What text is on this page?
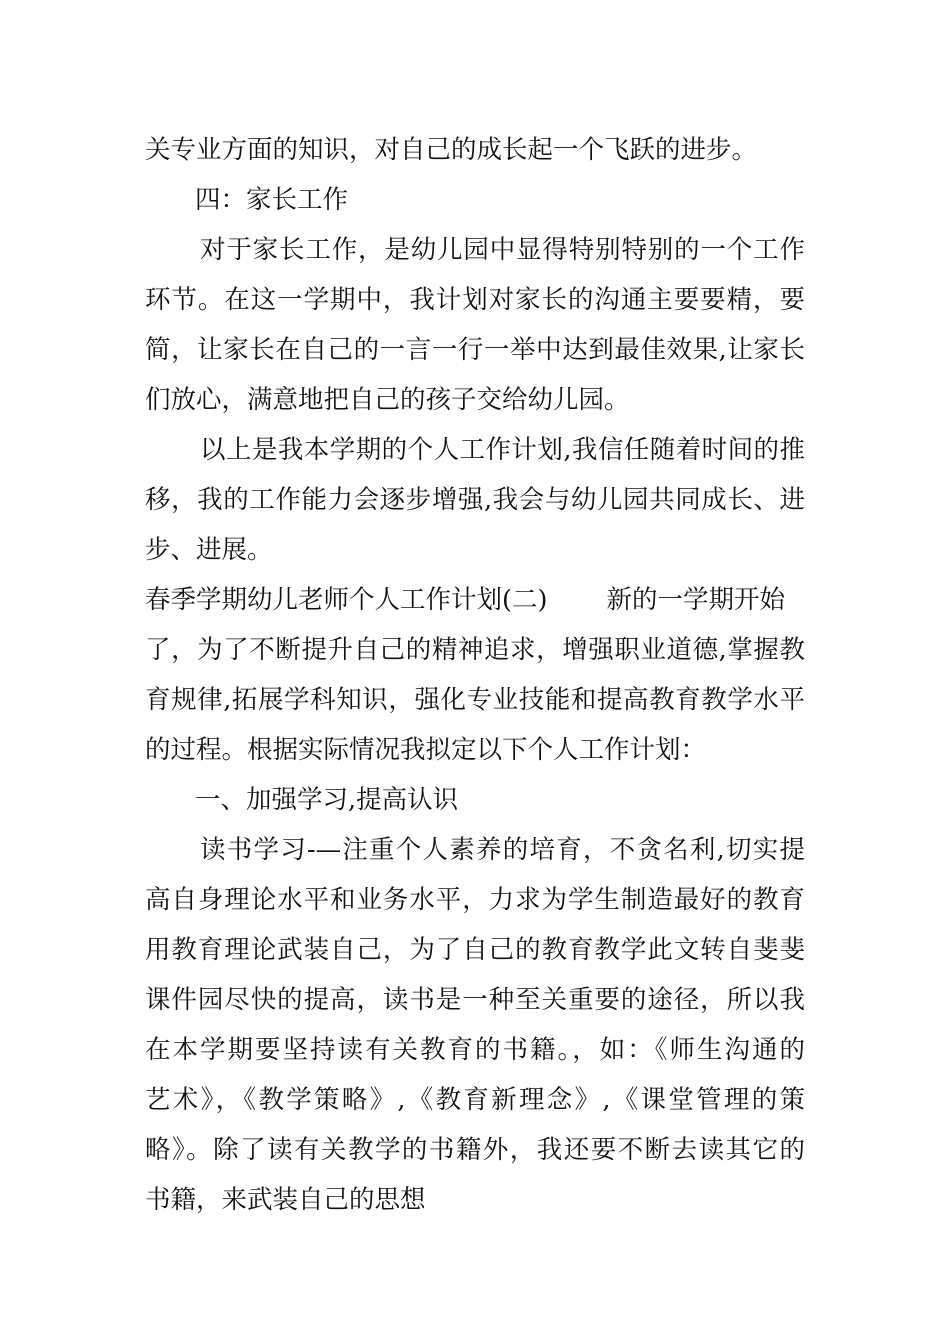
关专业方面的知识，对自己的成长起一个飞跃的进步。
四：家长工作
对于家长工作，是幼儿园中显得特别特别的一个工作
环节。在这一学期中，我计划对家长的沟通主要要精，要
简，让家长在自己的一言一行一举中达到最佳效果,让家长
们放心，满意地把自己的孩子交给幼儿园。
以上是我本学期的个人工作计划,我信任随着时间的推
移，我的工作能力会逐步增强,我会与幼儿园共同成长、进
步、进展。
春季学期幼儿老师个人工作计划(二)　　 新的一学期开始
了，为了不断提升自己的精神追求，增强职业道德,掌握教
育规律,拓展学科知识，强化专业技能和提高教育教学水平
的过程。根据实际情况我拟定以下个人工作计划：
一、加强学习,提高认识
读书学习-—注重个人素养的培育，不贪名利,切实提
高自身理论水平和业务水平，力求为学生制造最好的教育
用教育理论武装自己，为了自己的教育教学此文转自斐斐
课件园尽快的提高，读书是一种至关重要的途径，所以我
在本学期要坚持读有关教育的书籍。，如：《师生沟通的
艺术》，《教学策略》,《教育新理念》,《课堂管理的策
略》。除了读有关教学的书籍外，我还要不断去读其它的
书籍，来武装自己的思想
